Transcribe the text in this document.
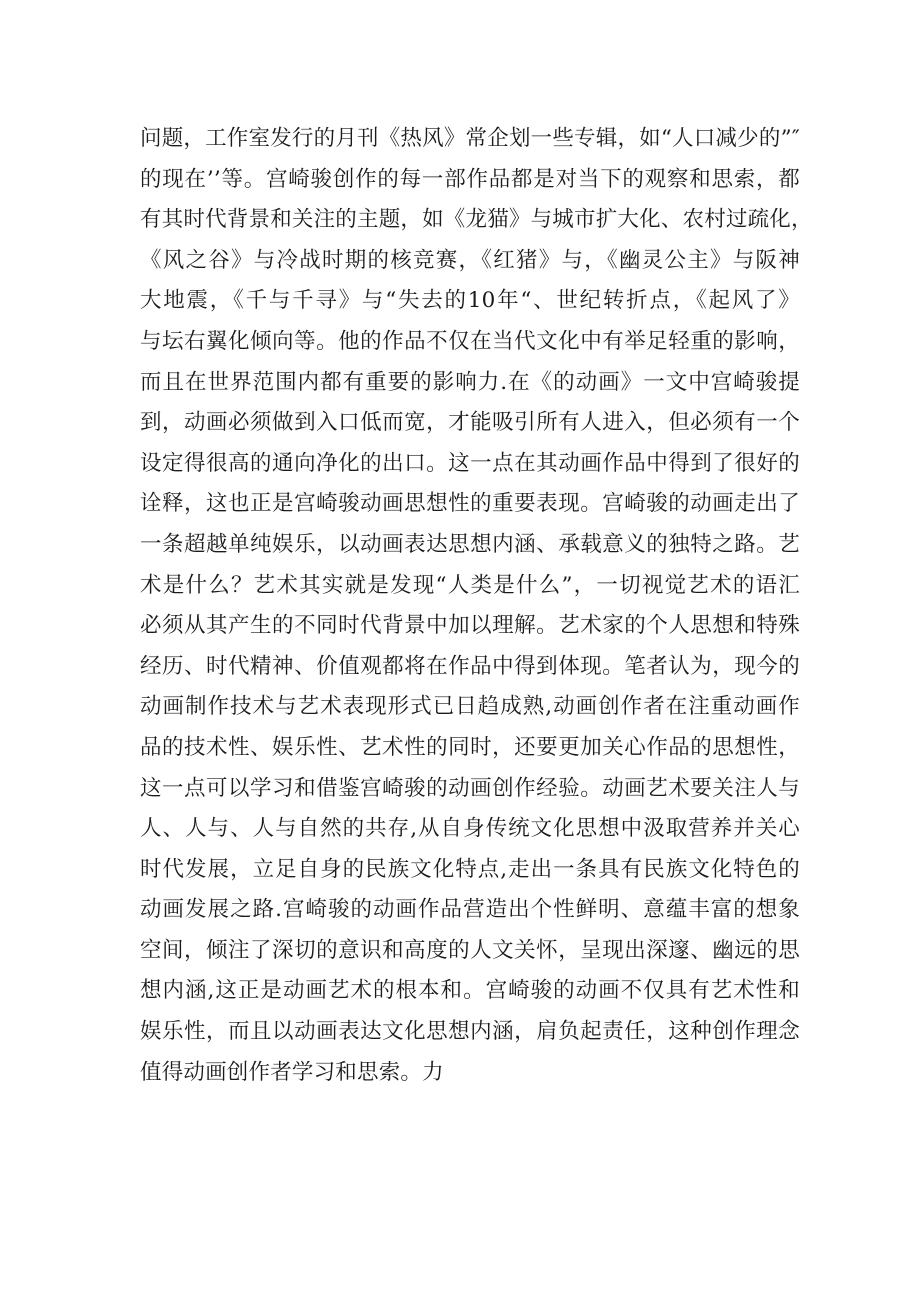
问题，工作室发行的月刊《热风》常企划一些专辑，如“人口减少的”″
的现在’’等。宫崎骏创作的每一部作品都是对当下的观察和思索，都
有其时代背景和关注的主题，如《龙猫》与城市扩大化、农村过疏化，
《风之谷》与冷战时期的核竞赛，《红猪》与，《幽灵公主》与阪神
大地震，《千与千寻》与“失去的10年“、世纪转折点，《起风了》
与坛右翼化倾向等。他的作品不仅在当代文化中有举足轻重的影响，
而且在世界范围内都有重要的影响力.在《的动画》一文中宫崎骏提
到，动画必须做到入口低而宽，才能吸引所有人进入，但必须有一个
设定得很高的通向净化的出口。这一点在其动画作品中得到了很好的
诠释，这也正是宫崎骏动画思想性的重要表现。宫崎骏的动画走出了
一条超越单纯娱乐，以动画表达思想内涵、承载意义的独特之路。艺
术是什么？艺术其实就是发现“人类是什么”，一切视觉艺术的语汇
必须从其产生的不同时代背景中加以理解。艺术家的个人思想和特殊
经历、时代精神、价值观都将在作品中得到体现。笔者认为，现今的
动画制作技术与艺术表现形式已日趋成熟,动画创作者在注重动画作
品的技术性、娱乐性、艺术性的同时，还要更加关心作品的思想性，
这一点可以学习和借鉴宫崎骏的动画创作经验。动画艺术要关注人与
人、人与、人与自然的共存,从自身传统文化思想中汲取营养并关心
时代发展，立足自身的民族文化特点,走出一条具有民族文化特色的
动画发展之路.宫崎骏的动画作品营造出个性鲜明、意蕴丰富的想象
空间，倾注了深切的意识和高度的人文关怀，呈现出深邃、幽远的思
想内涵,这正是动画艺术的根本和。宫崎骏的动画不仅具有艺术性和
娱乐性，而且以动画表达文化思想内涵，肩负起责任，这种创作理念
值得动画创作者学习和思索。力
